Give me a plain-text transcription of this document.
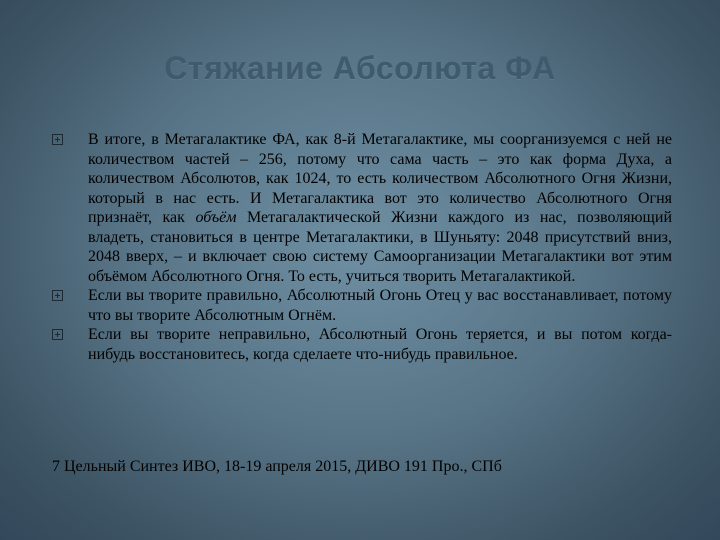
Стяжание Абсолюта ФА
В итоге, в Метагалактике ФА, как 8-й Метагалактике, мы соорганизуемся с ней не количеством частей – 256, потому что сама часть – это как форма Духа, а количеством Абсолютов, как 1024, то есть количеством Абсолютного Огня Жизни, который в нас есть. И Метагалактика вот это количество Абсолютного Огня признаёт, как объём Метагалактической Жизни каждого из нас, позволяющий владеть, становиться в центре Метагалактики, в Шуньяту: 2048 присутствий вниз, 2048 вверх, – и включает свою систему Самоорганизации Метагалактики вот этим объёмом Абсолютного Огня. То есть, учиться творить Метагалактикой.
Если вы творите правильно, Абсолютный Огонь Отец у вас восстанавливает, потому что вы творите Абсолютным Огнём.
Если вы творите неправильно, Абсолютный Огонь теряется, и вы потом когда-нибудь восстановитесь, когда сделаете что-нибудь правильное.
7 Цельный Синтез ИВО, 18-19 апреля 2015, ДИВО 191 Про., СПб
